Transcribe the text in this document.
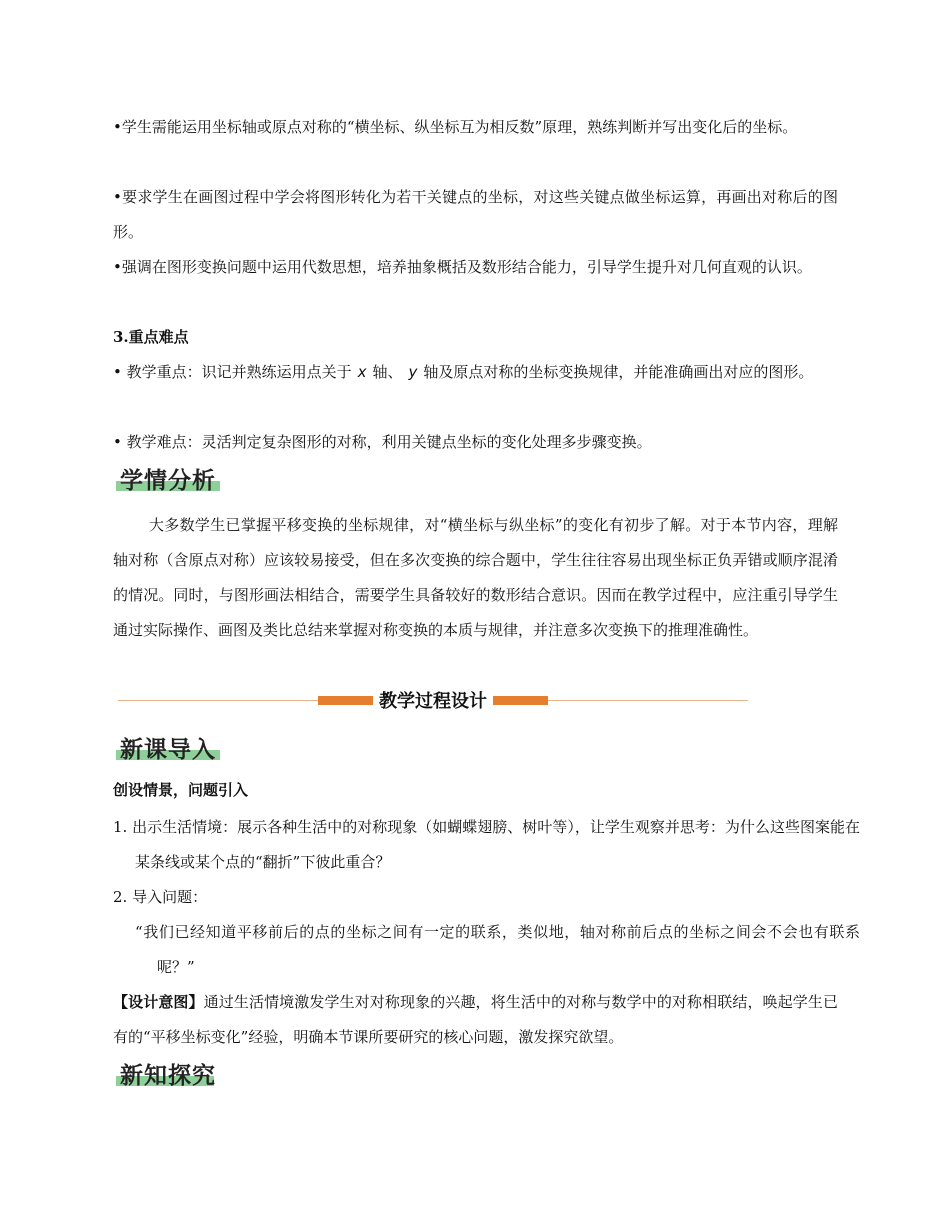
•学生需能运用坐标轴或原点对称的“横坐标、纵坐标互为相反数”原理，熟练判断并写出变化后的坐标。

•要求学生在画图过程中学会将图形转化为若干关键点的坐标，对这些关键点做坐标运算，再画出对称后的图形。

•强调在图形变换问题中运用代数思想，培养抽象概括及数形结合能力，引导学生提升对几何直观的认识。

3.重点难点

• 教学重点：识记并熟练运用点关于 x 轴、 y 轴及原点对称的坐标变换规律，并能准确画出对应的图形。

• 教学难点：灵活判定复杂图形的对称，利用关键点坐标的变化处理多步骤变换。

学情分析

大多数学生已掌握平移变换的坐标规律，对“横坐标与纵坐标”的变化有初步了解。对于本节内容，理解轴对称（含原点对称）应该较易接受，但在多次变换的综合题中，学生往往容易出现坐标正负弄错或顺序混淆的情况。同时，与图形画法相结合，需要学生具备较好的数形结合意识。因而在教学过程中，应注重引导学生通过实际操作、画图及类比总结来掌握对称变换的本质与规律，并注意多次变换下的推理准确性。

教学过程设计
新课导入

创设情景，问题引入

1. 出示生活情境：展示各种生活中的对称现象（如蝴蝶翅膀、树叶等），让学生观察并思考：为什么这些图案能在某条线或某个点的“翻折”下彼此重合？

2. 导入问题：

“我们已经知道平移前后的点的坐标之间有一定的联系，类似地，轴对称前后点的坐标之间会不会也有联系呢？”

【设计意图】通过生活情境激发学生对对称现象的兴趣，将生活中的对称与数学中的对称相联结，唤起学生已有的“平移坐标变化”经验，明确本节课所要研究的核心问题，激发探究欲望。

新知探究
